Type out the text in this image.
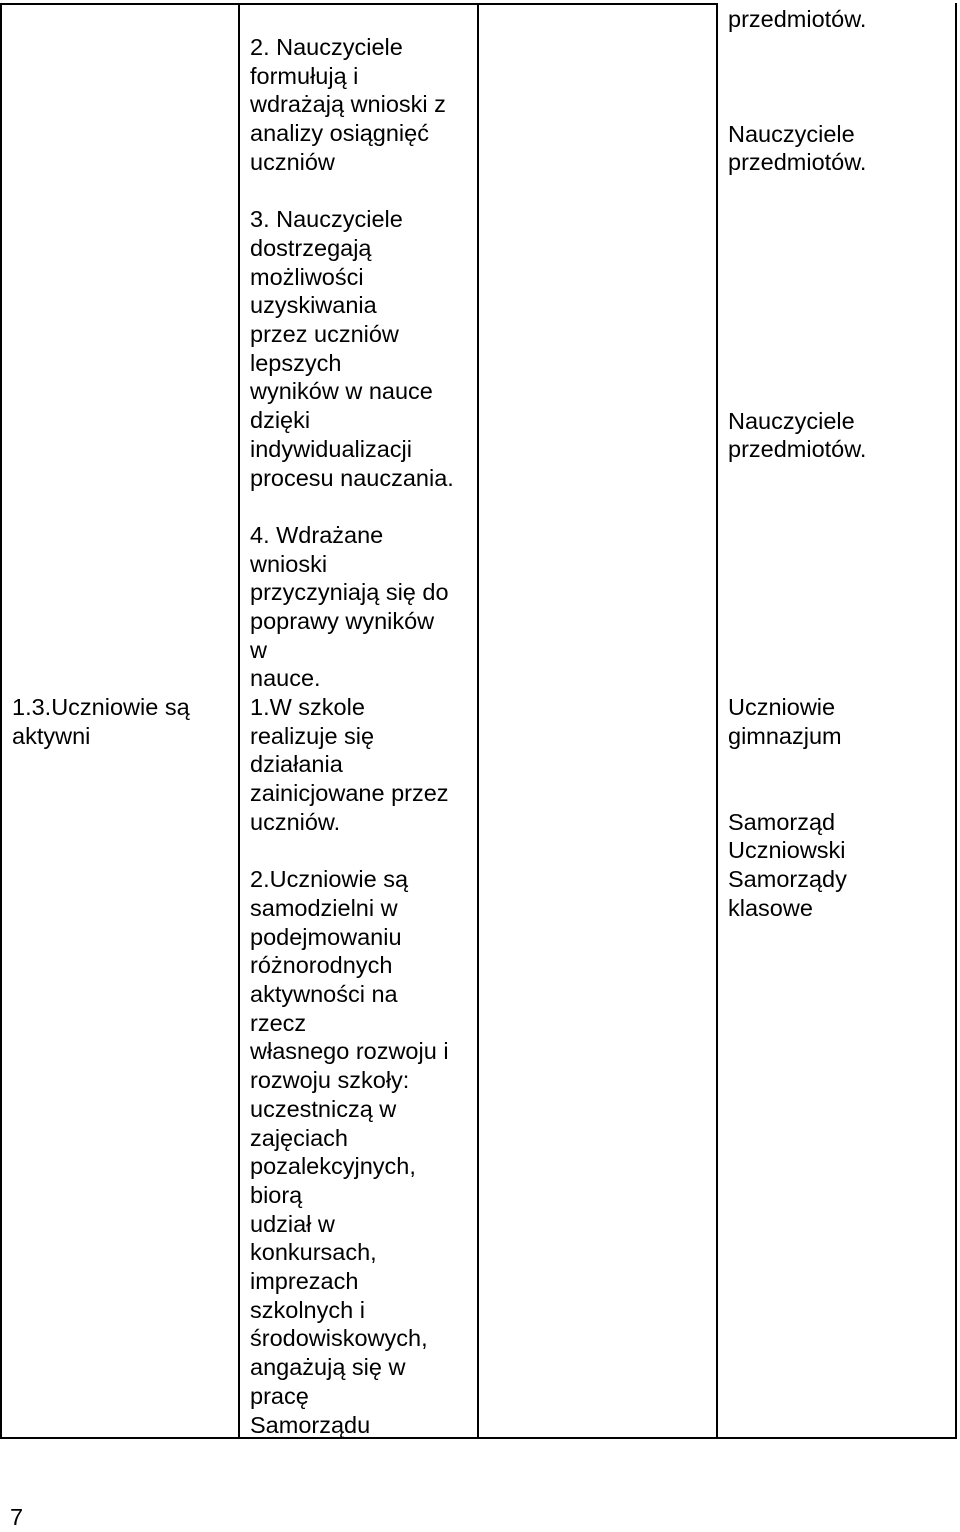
2. Nauczyciele
formułują i
wdrażają wnioski z
analizy osiągnięć
uczniów
3. Nauczyciele
dostrzegają
możliwości
uzyskiwania
przez uczniów
lepszych
wyników w nauce
dzięki
indywidualizacji
procesu nauczania.
4. Wdrażane
wnioski
przyczyniają się do
poprawy wyników
w
nauce.
przedmiotów.
Nauczyciele
przedmiotów.
Nauczyciele
przedmiotów.
1.3.Uczniowie są
aktywni
1.W szkole
realizuje się
działania
zainicjowane przez
uczniów.
2.Uczniowie są
samodzielni w
podejmowaniu
różnorodnych
aktywności na
rzecz
własnego rozwoju i
rozwoju szkoły:
uczestniczą w
zajęciach
pozalekcyjnych,
biorą
udział w
konkursach,
imprezach
szkolnych i
środowiskowych,
angażują się w
pracę
Samorządu
Uczniowie
gimnazjum
Samorząd
Uczniowski
Samorządy
klasowe
7
